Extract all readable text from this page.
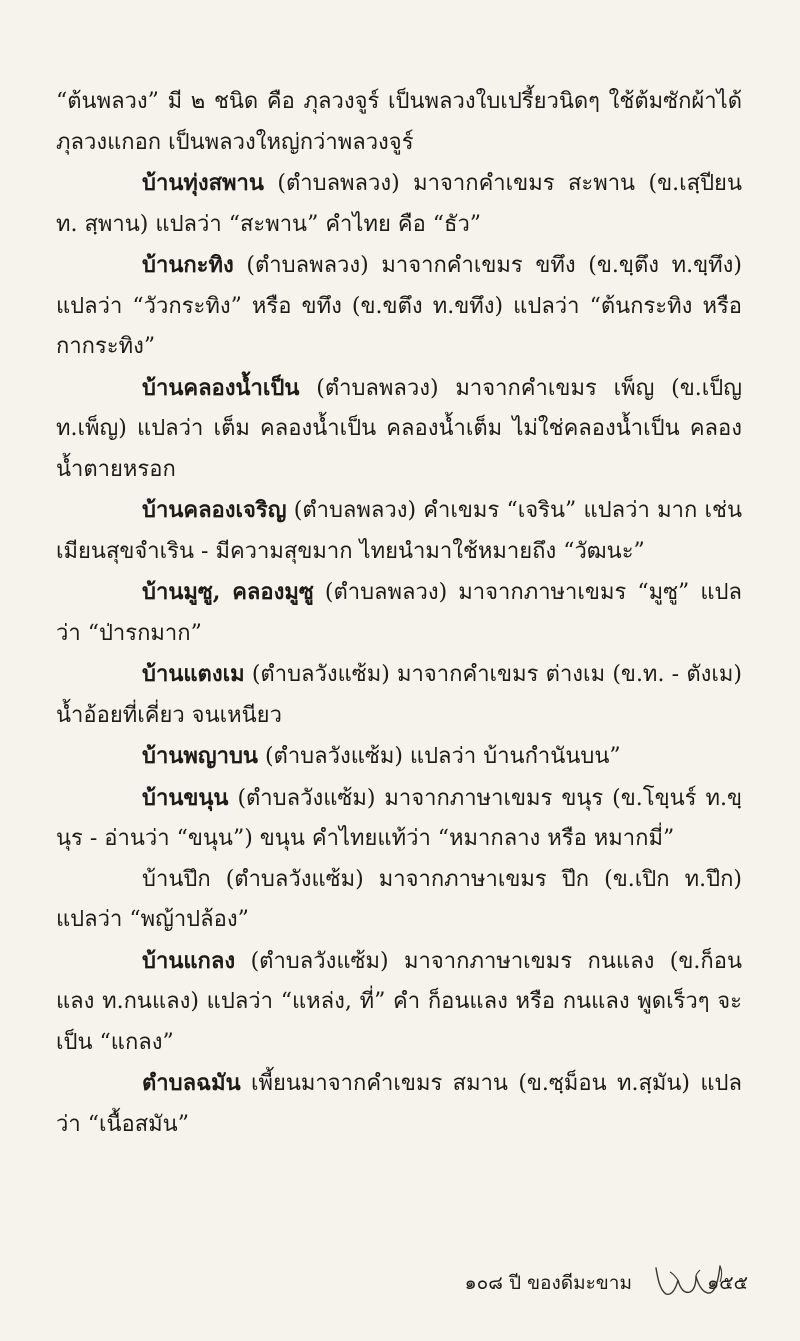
“ต้นพลวง” มี ๒ ชนิด คือ ภุลวงจูร์ เป็นพลวงใบเปรี้ยวนิดๆ ใช้ต้มซักผ้าได้ ภุลวงแกอก เป็นพลวงใหญ่กว่าพลวงจูร์

บ้านทุ่งสพาน (ตำบลพลวง) มาจากคำเขมร สะพาน (ข.เสฺปียน ท. สฺพาน) แปลว่า “สะพาน” คำไทย คือ “ธัว”

บ้านกะทิง (ตำบลพลวง) มาจากคำเขมร ขทึง (ข.ขฺตึง ท.ขฺทึง) แปลว่า “วัวกระทิง” หรือ ขทึง (ข.ขตึง ท.ขทึง) แปลว่า “ต้นกระทิง หรือ กากระทิง”

บ้านคลองน้ำเป็น (ตำบลพลวง) มาจากคำเขมร เพ็ญ (ข.เป็ญ ท.เพ็ญ) แปลว่า เต็ม คลองน้ำเป็น คลองน้ำเต็ม ไม่ใช่คลองน้ำเป็น คลองน้ำตายหรอก

บ้านคลองเจริญ (ตำบลพลวง) คำเขมร “เจริน” แปลว่า มาก เช่น เมียนสุขจำเริน - มีความสุขมาก ไทยนำมาใช้หมายถึง “วัฒนะ”

บ้านมูซู, คลองมูซู (ตำบลพลวง) มาจากภาษาเขมร “มูซู” แปลว่า “ป่ารกมาก”

บ้านแตงเม (ตำบลวังแซ้ม) มาจากคำเขมร ต่างเม (ข.ท. - ตังเม) น้ำอ้อยที่เคี่ยว จนเหนียว

บ้านพญาบน (ตำบลวังแซ้ม) แปลว่า บ้านกำนันบน”

บ้านขนุน (ตำบลวังแซ้ม) มาจากภาษาเขมร ขนุร (ข.โขฺนร์ ท.ขฺนุร - อ่านว่า “ขนุน”) ขนุน คำไทยแท้ว่า “หมากลาง หรือ หมากมี่”

บ้านปึก (ตำบลวังแซ้ม) มาจากภาษาเขมร ปึก (ข.เปิก ท.ปึก) แปลว่า “พญ้าปล้อง”

บ้านแกลง (ตำบลวังแซ้ม) มาจากภาษาเขมร กนแลง (ข.ก็อน แลง ท.กนแลง) แปลว่า “แหล่ง, ที่” คำ ก็อนแลง หรือ กนแลง พูดเร็วๆ จะเป็น “แกลง”

ตำบลฉมัน เพี้ยนมาจากคำเขมร สมาน (ข.ซฺม็อน ท.สฺมัน) แปลว่า “เนื้อสมัน”

๑๐๘ ปี ของดีมะขาม	๑๕๕
